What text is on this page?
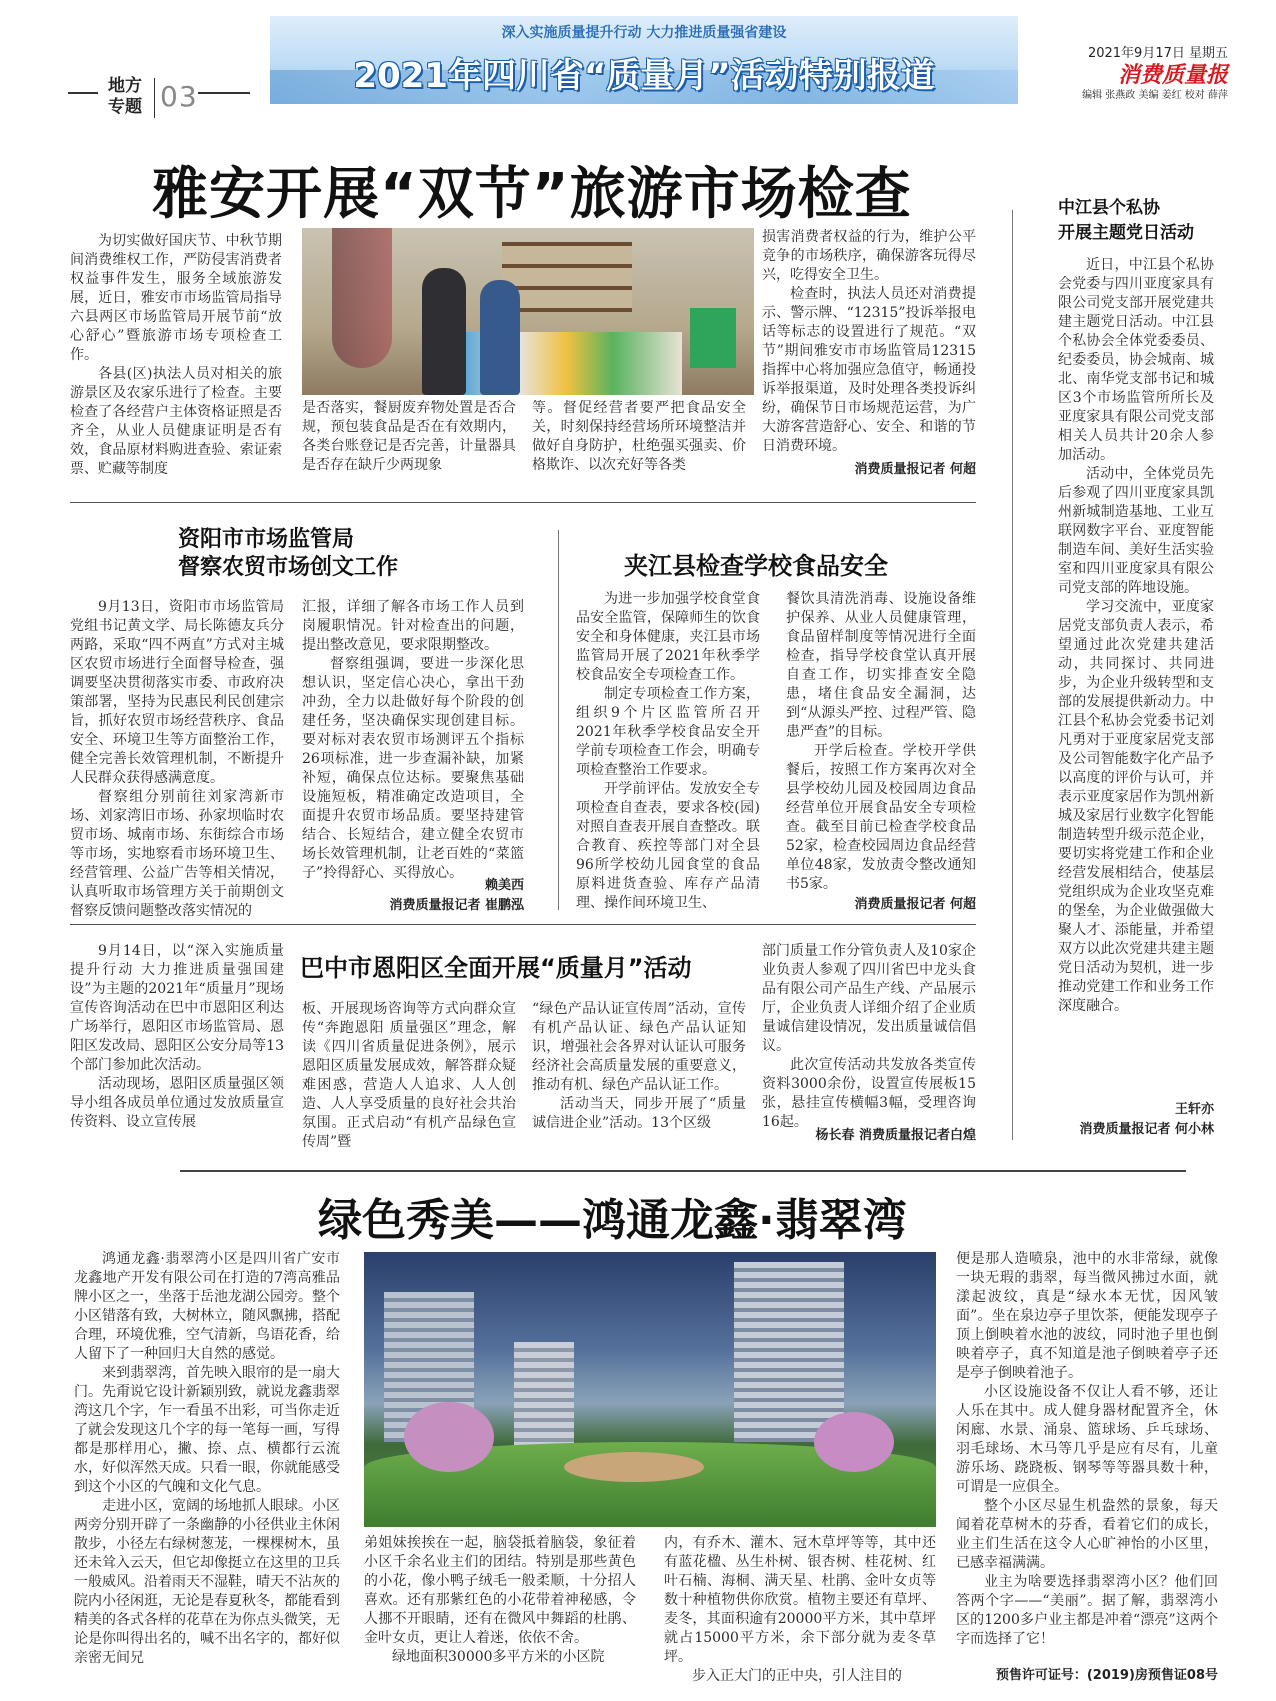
地方
专题 03
深入实施质量提升行动 大力推进质量强省建设
2021年四川省“质量月”活动特别报道
2021年9月17日 星期五
消费质量报
编辑 张燕政 美编 姜红 校对 薛萍
雅安开展“双节”旅游市场检查

为切实做好国庆节、中秋节期间消费维权工作，严防侵害消费者权益事件发生，服务全域旅游发展，近日，雅安市市场监管局指导六县两区市场监管局开展节前“放心舒心”暨旅游市场专项检查工作。

各县(区)执法人员对相关的旅游景区及农家乐进行了检查。主要检查了各经营户主体资格证照是否齐全，从业人员健康证明是否有效，食品原材料购进查验、索证索票、贮藏等制度

是否落实，餐厨废弃物处置是否合规，预包装食品是否在有效期内，各类台账登记是否完善，计量器具是否存在缺斤少两现象

等。督促经营者要严把食品安全关，时刻保持经营场所环境整洁并做好自身防护，杜绝强买强卖、价格欺诈、以次充好等各类

损害消费者权益的行为，维护公平竞争的市场秩序，确保游客玩得尽兴，吃得安全卫生。

检查时，执法人员还对消费提示、警示牌、“12315”投诉举报电话等标志的设置进行了规范。“双节”期间雅安市市场监管局12315指挥中心将加强应急值守，畅通投诉举报渠道，及时处理各类投诉纠纷，确保节日市场规范运营，为广大游客营造舒心、安全、和谐的节日消费环境。

消费质量报记者 何超
资阳市市场监管局
督察农贸市场创文工作

9月13日，资阳市市场监管局党组书记黄文学、局长陈德友兵分两路，采取“四不两直”方式对主城区农贸市场进行全面督导检查，强调要坚决贯彻落实市委、市政府决策部署，坚持为民惠民利民创建宗旨，抓好农贸市场经营秩序、食品安全、环境卫生等方面整治工作，健全完善长效管理机制，不断提升人民群众获得感满意度。

督察组分别前往刘家湾新市场、刘家湾旧市场、孙家坝临时农贸市场、城南市场、东街综合市场等市场，实地察看市场环境卫生、经营管理、公益广告等相关情况，认真听取市场管理方关于前期创文督察反馈问题整改落实情况的

汇报，详细了解各市场工作人员到岗履职情况。针对检查出的问题，提出整改意见，要求限期整改。

督察组强调，要进一步深化思想认识，坚定信心决心，拿出干劲冲劲，全力以赴做好每个阶段的创建任务，坚决确保实现创建目标。要对标对表农贸市场测评五个指标26项标准，进一步查漏补缺，加紧补短，确保点位达标。要聚焦基础设施短板，精准确定改造项目，全面提升农贸市场品质。要坚持建管结合、长短结合，建立健全农贸市场长效管理机制，让老百姓的“菜篮子”拎得舒心、买得放心。

赖美西
消费质量报记者 崔鹏泓
夹江县检查学校食品安全

为进一步加强学校食堂食品安全监管，保障师生的饮食安全和身体健康，夹江县市场监管局开展了2021年秋季学校食品安全专项检查工作。

制定专项检查工作方案，组织9个片区监管所召开2021年秋季学校食品安全开学前专项检查工作会，明确专项检查整治工作要求。

开学前评估。发放安全专项检查自查表，要求各校(园)对照自查表开展自查整改。联合教育、疾控等部门对全县96所学校幼儿园食堂的食品原料进货查验、库存产品清理、操作间环境卫生、

餐饮具清洗消毒、设施设备维护保养、从业人员健康管理，食品留样制度等情况进行全面检查，指导学校食堂认真开展自查工作，切实排查安全隐患，堵住食品安全漏洞，达到“从源头严控、过程严管、隐患严查”的目标。

开学后检查。学校开学供餐后，按照工作方案再次对全县学校幼儿园及校园周边食品经营单位开展食品安全专项检查。截至目前已检查学校食品52家，检查校园周边食品经营单位48家，发放责令整改通知书5家。

消费质量报记者 何超

9月14日，以“深入实施质量提升行动 大力推进质量强国建设”为主题的2021年“质量月”现场宣传咨询活动在巴中市恩阳区利达广场举行，恩阳区市场监管局、恩阳区发改局、恩阳区公安分局等13个部门参加此次活动。

活动现场，恩阳区质量强区领导小组各成员单位通过发放质量宣传资料、设立宣传展

巴中市恩阳区全面开展“质量月”活动

板、开展现场咨询等方式向群众宣传“奔跑恩阳 质量强区”理念，解读《四川省质量促进条例》，展示恩阳区质量发展成效，解答群众疑难困惑，营造人人追求、人人创造、人人享受质量的良好社会共治氛围。正式启动“有机产品绿色宣传周”暨

“绿色产品认证宣传周”活动，宣传有机产品认证、绿色产品认证知识，增强社会各界对认证认可服务经济社会高质量发展的重要意义，推动有机、绿色产品认证工作。

活动当天，同步开展了“质量诚信进企业”活动。13个区级

部门质量工作分管负责人及10家企业负责人参观了四川省巴中龙头食品有限公司产品生产线、产品展示厅，企业负责人详细介绍了企业质量诚信建设情况，发出质量诚信倡议。

此次宣传活动共发放各类宣传资料3000余份，设置宣传展板15张，悬挂宣传横幅3幅，受理咨询16起。

杨长春 消费质量报记者白煌
中江县个私协
开展主题党日活动

近日，中江县个私协会党委与四川亚度家具有限公司党支部开展党建共建主题党日活动。中江县个私协会全体党委委员、纪委委员，协会城南、城北、南华党支部书记和城区3个市场监管所所长及亚度家具有限公司党支部相关人员共计20余人参加活动。

活动中，全体党员先后参观了四川亚度家具凯州新城制造基地、工业互联网数字平台、亚度智能制造车间、美好生活实验室和四川亚度家具有限公司党支部的阵地设施。

学习交流中，亚度家居党支部负责人表示，希望通过此次党建共建活动，共同探讨、共同进步，为企业升级转型和支部的发展提供新动力。中江县个私协会党委书记刘凡勇对于亚度家居党支部及公司智能数字化产品予以高度的评价与认可，并表示亚度家居作为凯州新城及家居行业数字化智能制造转型升级示范企业，要切实将党建工作和企业经营发展相结合，使基层党组织成为企业攻坚克难的堡垒，为企业做强做大聚人才、添能量，并希望双方以此次党建共建主题党日活动为契机，进一步推动党建工作和业务工作深度融合。

王轩亦
消费质量报记者 何小林
绿色秀美——鸿通龙鑫·翡翠湾

鸿通龙鑫·翡翠湾小区是四川省广安市龙鑫地产开发有限公司在打造的7湾高雅品牌小区之一，坐落于岳池龙湖公园旁。整个小区错落有致，大树林立，随风飘拂，搭配合理，环境优雅，空气清新，鸟语花香，给人留下了一种回归大自然的感觉。

来到翡翠湾，首先映入眼帘的是一扇大门。先甭说它设计新颖别致，就说龙鑫翡翠湾这几个字，乍一看虽不出彩，可当你走近了就会发现这几个字的每一笔每一画，写得都是那样用心，撇、捺、点、横都行云流水，好似浑然天成。只看一眼，你就能感受到这个小区的气魄和文化气息。

走进小区，宽阔的场地抓人眼球。小区两旁分别开辟了一条幽静的小径供业主休闲散步，小径左右绿树葱茏，一棵棵树木，虽还未耸入云天，但它却像挺立在这里的卫兵一般威风。沿着雨天不湿鞋，晴天不沾灰的院内小径闲逛，无论是春夏秋冬，都能看到精美的各式各样的花草在为你点头微笑，无论是你叫得出名的，喊不出名字的，都好似亲密无间兄

弟姐妹挨挨在一起，脑袋抵着脑袋，象征着小区千余名业主们的团结。特别是那些黄色的小花，像小鸭子绒毛一般柔顺，十分招人喜欢。还有那紫红色的小花带着神秘感，令人挪不开眼睛，还有在微风中舞蹈的杜鹃、金叶女贞，更让人着迷，依依不舍。

绿地面积30000多平方米的小区院

内，有乔木、灌木、冠木草坪等等，其中还有蓝花楹、丛生朴树、银杏树、桂花树、红叶石楠、海桐、满天星、杜鹃、金叶女贞等数十种植物供你欣赏。植物主要还有草坪、麦冬，其面积逾有20000平方米，其中草坪就占15000平方米，余下部分就为麦冬草坪。

步入正大门的正中央，引人注目的

便是那人造喷泉，池中的水非常绿，就像一块无瑕的翡翠，每当微风拂过水面，就漾起波纹，真是“绿水本无忧，因风皱面”。坐在泉边亭子里饮茶，便能发现亭子顶上倒映着水池的波纹，同时池子里也倒映着亭子，真不知道是池子倒映着亭子还是亭子倒映着池子。

小区设施设备不仅让人看不够，还让人乐在其中。成人健身器材配置齐全，休闲廊、水景、涌泉、篮球场、乒乓球场、羽毛球场、木马等几乎是应有尽有，儿童游乐场、跷跷板、钢琴等等器具数十种，可谓是一应俱全。

整个小区尽显生机盎然的景象，每天闻着花草树木的芬香，看着它们的成长，业主们生活在这令人心旷神怡的小区里，已感幸福满满。

业主为啥要选择翡翠湾小区？他们回答两个字——“美丽”。据了解，翡翠湾小区的1200多户业主都是冲着“漂亮”这两个字而选择了它！

预售许可证号：(2019)房预售证08号
